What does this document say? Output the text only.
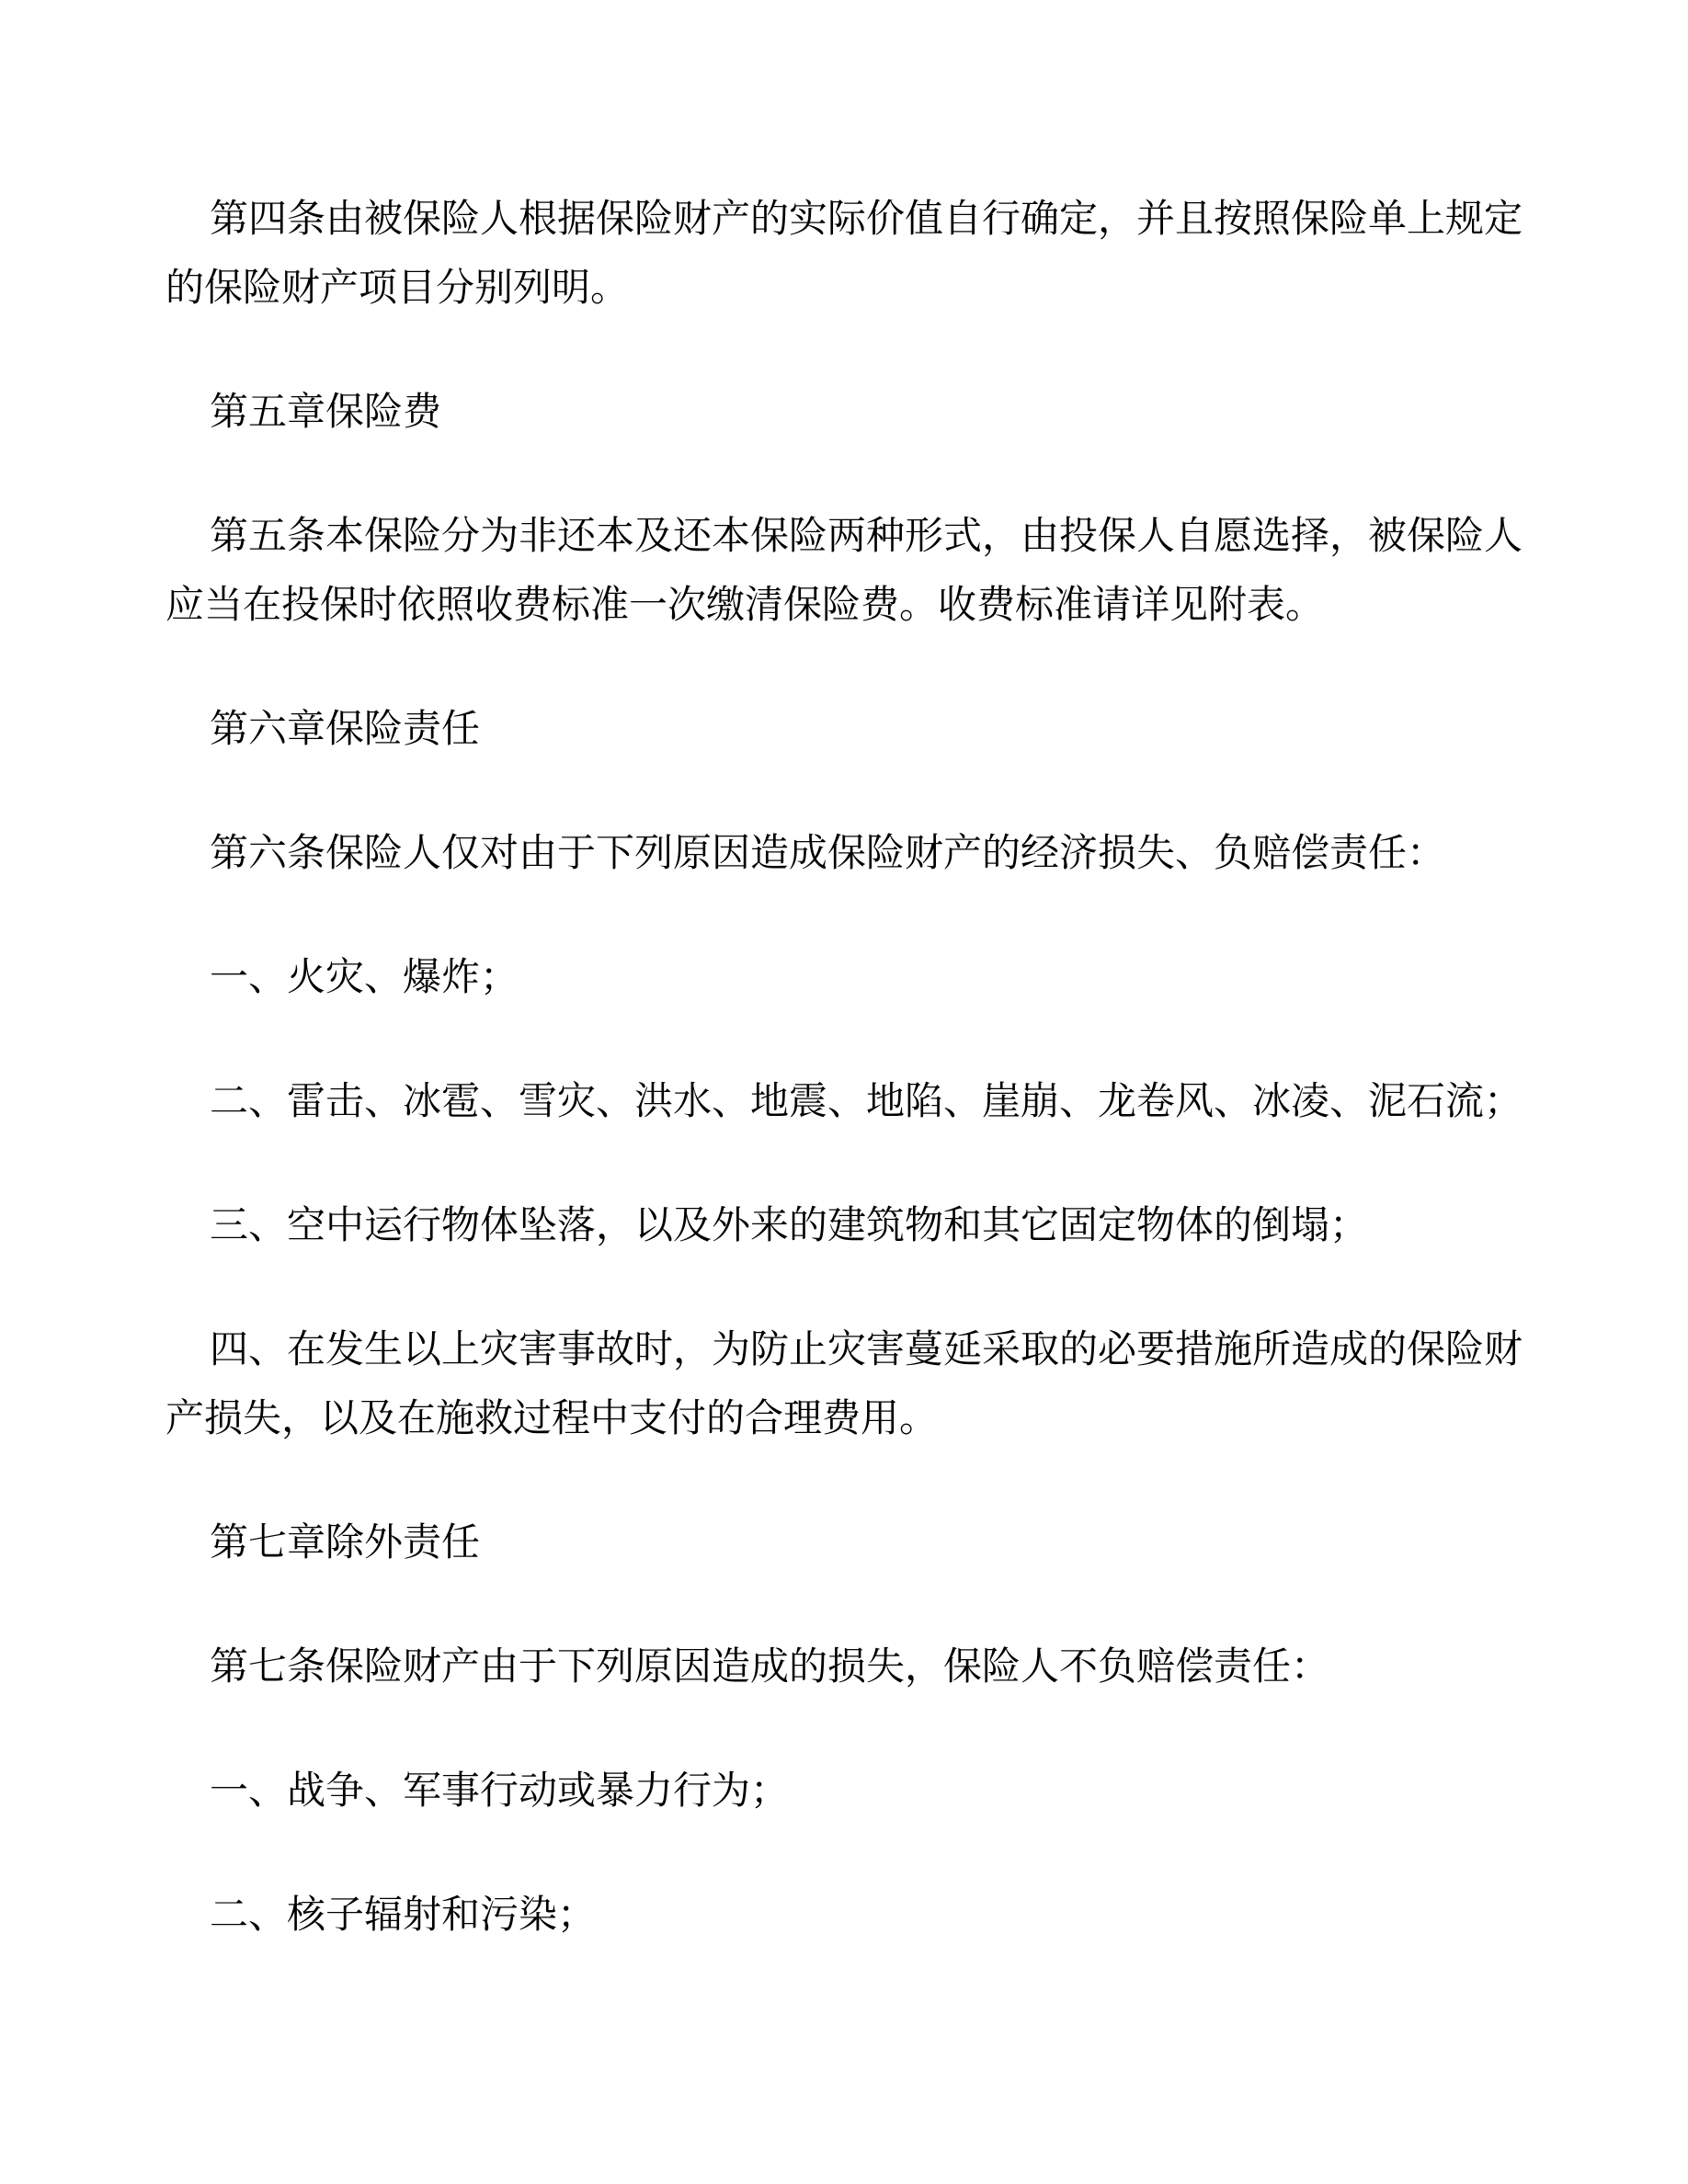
第四条由被保险人根据保险财产的实际价值自行确定，并且按照保险单上规定的保险财产项目分别列明。

第五章保险费

第五条本保险分为非还本及还本保险两种形式，由投保人自愿选择，被保险人应当在投保时依照收费标准一次缴清保险费。收费标准请详见附表。

第六章保险责任

第六条保险人仅对由于下列原因造成保险财产的经济损失、负赔偿责任：

一、火灾、爆炸；

二、雷击、冰雹、雪灾、洪水、地震、地陷、崖崩、龙卷风、冰凌、泥石流；

三、空中运行物体坠落，以及外来的建筑物和其它固定物体的倒塌；

四、在发生以上灾害事故时，为防止灾害蔓延采取的必要措施所造成的保险财产损失，以及在施救过程中支付的合理费用。

第七章除外责任

第七条保险财产由于下列原因造成的损失，保险人不负赔偿责任：

一、战争、军事行动或暴力行为；

二、核子辐射和污染；
